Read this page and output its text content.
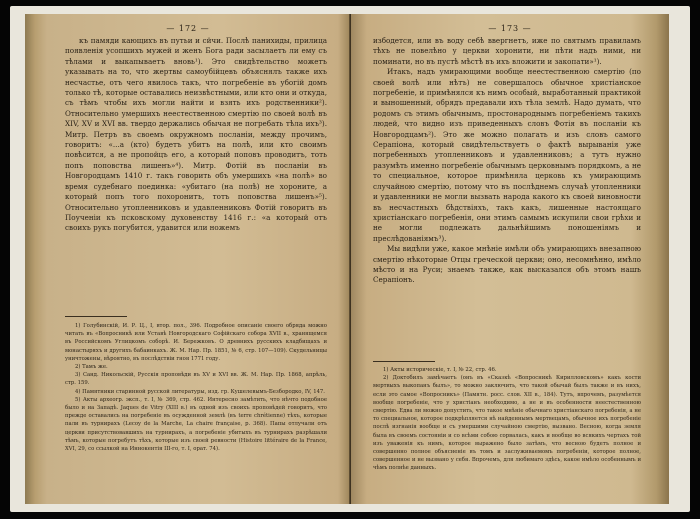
— 172 —

къ памяди кающихъ въ путьи и сйчи. Послѣ панихиды, прилица появленія усопшихъ мужей и женъ Бога ради засылаетъ ли ему съ тѣлами и выкапываетъ вновь¹). Это свидѣтельство можетъ указывать на то, что жертвы самоубійцевъ объяснялъ также ихъ несчастье, отъ чего явилось такъ, что погребеніе въ убогій домъ только тѣ, которые оставались неизвѣстными, или кто они и откуда, съ тѣмъ чтобы ихъ могли найти и взять ихъ родственники²). Относительно умершихъ неестественною смертію по своей волѣ въ XIV, XV и XVI вв. твердо держались обычая не погребать тѣла ихъ³). Митр. Петръ въ своемъ окружномъ посланіи, между прочимъ, говоритъ: «...а (кто) будетъ убитъ на полѣ, или кто своимъ повѣсится, а не пропойцъ его, а который поповъ проводитъ, тоть попъ поповства лишенъ»⁴). Митр. Фотій въ посланіи въ Новгородцамъ 1410 г. такъ говорить объ умершихъ «на полѣ» во время судебнаго поединка: «убитаго (на полѣ) не хороните, а который попъ того похоронитъ, тотъ поповства лишенъ»⁵). Относительно утопленниковъ и удавленниковъ Фотій говоритъ въ Поученіи къ псковскому духовенству 1416 г.: «а который отъ своихъ рукъ погубится, удавится или ножемъ

1) Голубинскій, И. Р. Ц., I, втор. пол., 396. Подробное описаніе своего обряда можно читать въ «Вопросникѣ или Уставѣ Новгородскаго Софійскаго собора XVII в., хранящемся въ Российскомъ Углицкомъ соборѣ. И. Бережковъ. О древнихъ русскихъ кладбищахъ и монастыряхъ и другихъ бабаинкахъ. Ж. М. Нар. Пр. 1851, № 6, стр. 107—109). Скудельницы уничтожены, вѣроятно, въ послѣдствіи гноя 1771 году.

2) Тамъ же.

3) Санд. Никольскій, Русскія проповѣди въ XV и XVI вв. Ж. М. Нар. Пр. 1868, апрѣль, стр. 159.

4) Памятники старинной русской литературы, изд. гр. Кушелевымъ-Безбородко, IV, 147.

5) Акты археогр. эксп., т. I, № 369, стр. 462. Интересно замѣтить, что нѣчто подобное было и на Западѣ. Jaques de Vitry (XIII в.) въ одной изъ своихъ проповѣдей говоритъ, что прежде оставались на погребеніе въ осужденной землѣ (въ terre chrétienne) тѣхъ, которые пали въ турнирахъ (Lecoy de la Marche, La chaire française, p. 368). Папы отлучали отъ церкви присутствовавшихъ на турнирахъ, а погребеніе убитыхъ въ турнирахъ разрѣшали тѣмъ, которые погребутъ тѣхъ, которые изъ своей ревности (Histoire littéraire de la France, XVI, 29, со ссылкой на Иннокентія III-го, т. I, орат. 74).

— 173 —

избодется, или въ воду себѣ ввергнетъ, иже по святымъ правиламъ тѣхъ не повелѣно у церкви хоронити, ни пѣти надъ ними, ни поминати, но въ пустѣ мѣстѣ въ ихъ вложити и закопати»¹).

Итакъ, надъ умирающими вообще неестественною смертію (по своей волѣ или нѣтъ) не совершалось обычное христіанское погребеніе, и примѣнялся къ нимъ особый, выработанный практикой и выношенный, обрядъ предавали ихъ тѣла землѣ. Надо думать, что родомъ съ этимъ обычнымъ, простонароднымъ погребеніемъ такихъ людей, что видно изъ приведенныхъ словъ Фотія въ посланіи къ Новгородцамъ²). Это же можно полагать и изъ словъ самого Серапіона, который свидѣтельствуетъ о фактѣ вырыванія уже погребенныхъ утопленниковъ и удавленниковъ; а тутъ нужно разумѣть именно погребеніе обычнымъ церковнымъ порядкомъ, а не то специальное, которое примѣняла церковь къ умирающимъ случайною смертію, потому что въ послѣднемъ случаѣ утопленники и удавленники не могли вызвать народа какого къ своей виновности въ несчастныхъ бѣдствіяхъ, такъ какъ, лишенные настоящаго христіанскаго погребенія, они этимъ самымъ искупили свои грѣхи и не могли подлежать дальнѣйшимъ поношеніямъ и преслѣдованіямъ³).

Мы видѣли уже, какое мнѣніе имѣли объ умирающихъ внезапною смертію нѣкоторые Отцы греческой церкви; оно, несомнѣнно, имѣло мѣсто и на Руси; знаемъ также, как высказался объ этомъ нашъ Серапіонъ.

1) Акты историческіе, т. I, № 22, стр. 46.

2) Доктобилъ замѣчаетъ (онъ въ «Сказкѣ «Вопросникѣ Кирилловскомъ» какъ кости мертвыхъ выкопанъ былъ», то можно заключить, что такой обычай былъ также и въ нихъ, если это самое «Вопросникъ» (Памятн. росс. слов. XII в., 184). Тутъ, впрочемъ, разумѣется вообще погребеніе, что у христіанъ необходимо, а не и въ особенности неестественною смертію. Едва ли можно допустить, что такое мнѣніе обычнаго христіанскаго погребенія, а не то специальное, которое подкрѣпляется нѣ найденнымъ мертвецамъ, обычное ихъ погребеніе послѣ изгнанія вообще и съ умершими случайною смертію, вызвано. Весною, когда земля была въ своемъ состояніи и со всѣми собою сорвалась, какъ и вообще во всякихъ чертахъ той изъ уваженія къ нимъ, которое выражено было затѣмъ, что весною будетъ полное и совершенно полное объясненіе въ томъ и заслуживаемомъ погребеніи, которое полное, совершенное и не вызвано у себя. Впрочемъ, для любимаго здѣсь, какое имѣло особеннымъ и чѣмъ полнѣе данныхъ.
